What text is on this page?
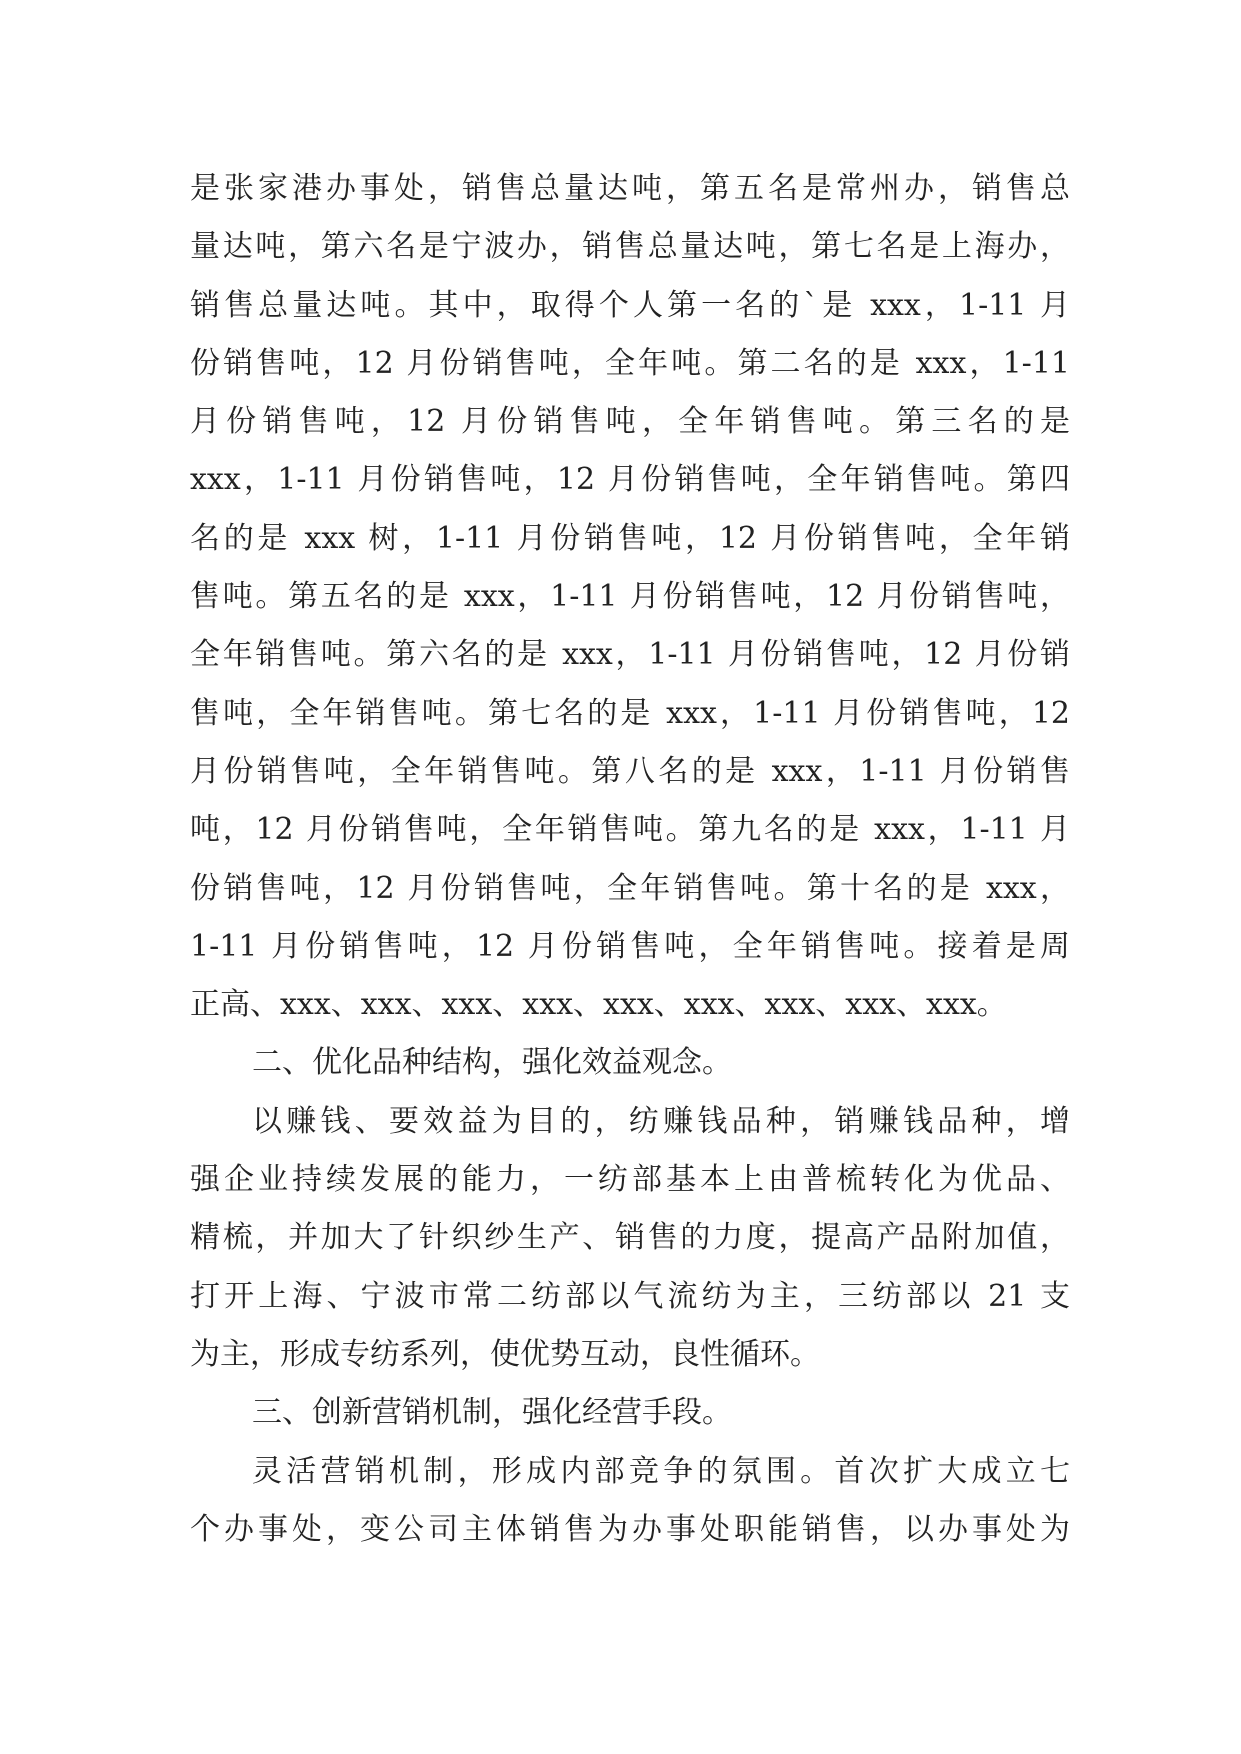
是张家港办事处，销售总量达吨，第五名是常州办，销售总
量达吨，第六名是宁波办，销售总量达吨，第七名是上海办，
销售总量达吨。其中，取得个人第一名的`是 xxx，1-11 月
份销售吨，12 月份销售吨，全年吨。第二名的是 xxx，1-11
月份销售吨，12 月份销售吨，全年销售吨。第三名的是
xxx，1-11 月份销售吨，12 月份销售吨，全年销售吨。第四
名的是 xxx 树，1-11 月份销售吨，12 月份销售吨，全年销
售吨。第五名的是 xxx，1-11 月份销售吨，12 月份销售吨，
全年销售吨。第六名的是 xxx，1-11 月份销售吨，12 月份销
售吨，全年销售吨。第七名的是 xxx，1-11 月份销售吨，12
月份销售吨，全年销售吨。第八名的是 xxx，1-11 月份销售
吨，12 月份销售吨，全年销售吨。第九名的是 xxx，1-11 月
份销售吨，12 月份销售吨，全年销售吨。第十名的是 xxx，
1-11 月份销售吨，12 月份销售吨，全年销售吨。接着是周
正高、xxx、xxx、xxx、xxx、xxx、xxx、xxx、xxx、xxx。
二、优化品种结构，强化效益观念。
以赚钱、要效益为目的，纺赚钱品种，销赚钱品种，增
强企业持续发展的能力，一纺部基本上由普梳转化为优品、
精梳，并加大了针织纱生产、销售的力度，提高产品附加值，
打开上海、宁波市常二纺部以气流纺为主，三纺部以 21 支
为主，形成专纺系列，使优势互动，良性循环。
三、创新营销机制，强化经营手段。
灵活营销机制，形成内部竞争的氛围。首次扩大成立七
个办事处，变公司主体销售为办事处职能销售，以办事处为
